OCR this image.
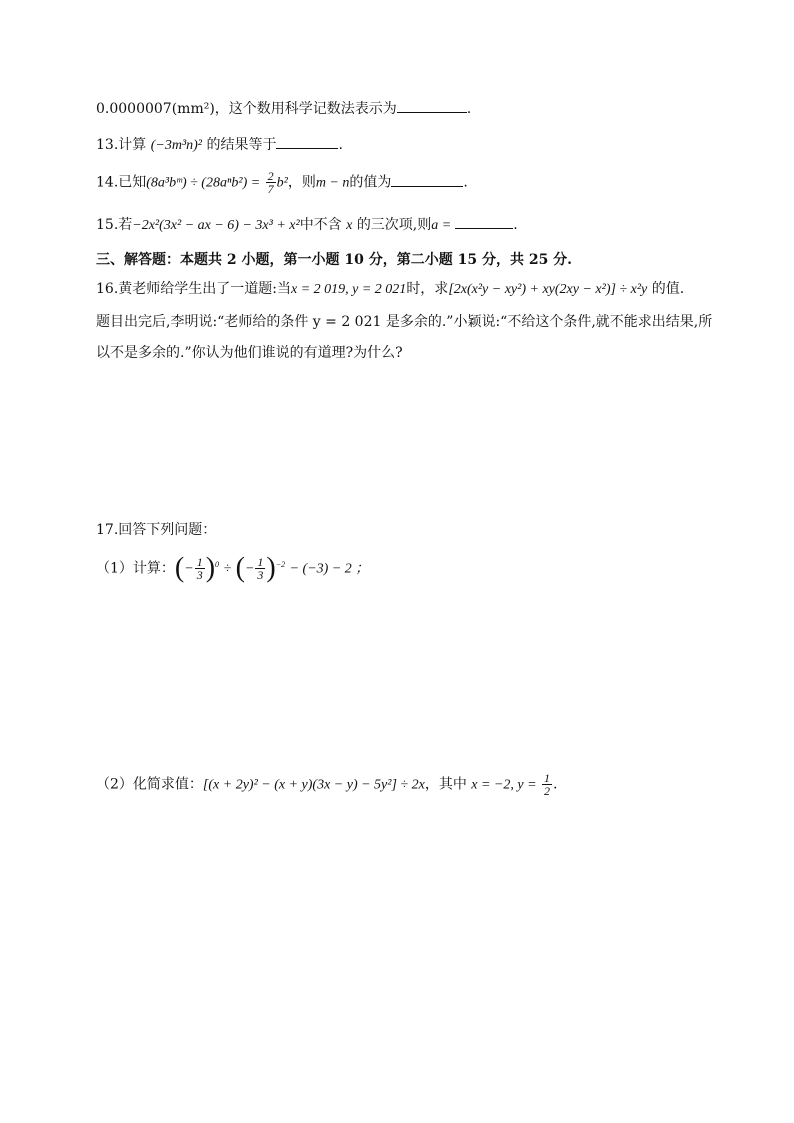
0.0000007(mm²)，这个数用科学记数法表示为	.
13.计算 (−3m³n)² 的结果等于	.
14.已知(8a³bᵐ) ÷ $(28a^nb^2) = \frac{2}{7} b^2$，则m − n的值为	.
15.若−2x²(3x² − ax − 6) − 3x³ + x²中不含 x 的三次项,则a =	.
三、解答题：本题共 2 小题，第一小题 10 分，第二小题 15 分，共 25 分.
16.黄老师给学生出了一道题:当x = 2 019, y = 2 021时，求[2x(x²y − xy²) + xy(2xy − x²)] ÷ x²y 的值.
题目出完后,李明说:“老师给的条件 y = 2 021 是多余的.”小颖说:“不给这个条件,就不能求出结果,所
以不是多余的.”你认为他们谁说的有道理?为什么?
17.回答下列问题：
（1）计算：(− $\frac{1}{3} )^0$ ÷ (− $\frac{1}{3} )^{-2} - (-3) - 2$ ；
（2）化简求值：[(x + 2y)² − (x + y)(3x − y) − 5y²] ÷ 2x，其中 x = −2, $y = \frac{1}{2}$ .
